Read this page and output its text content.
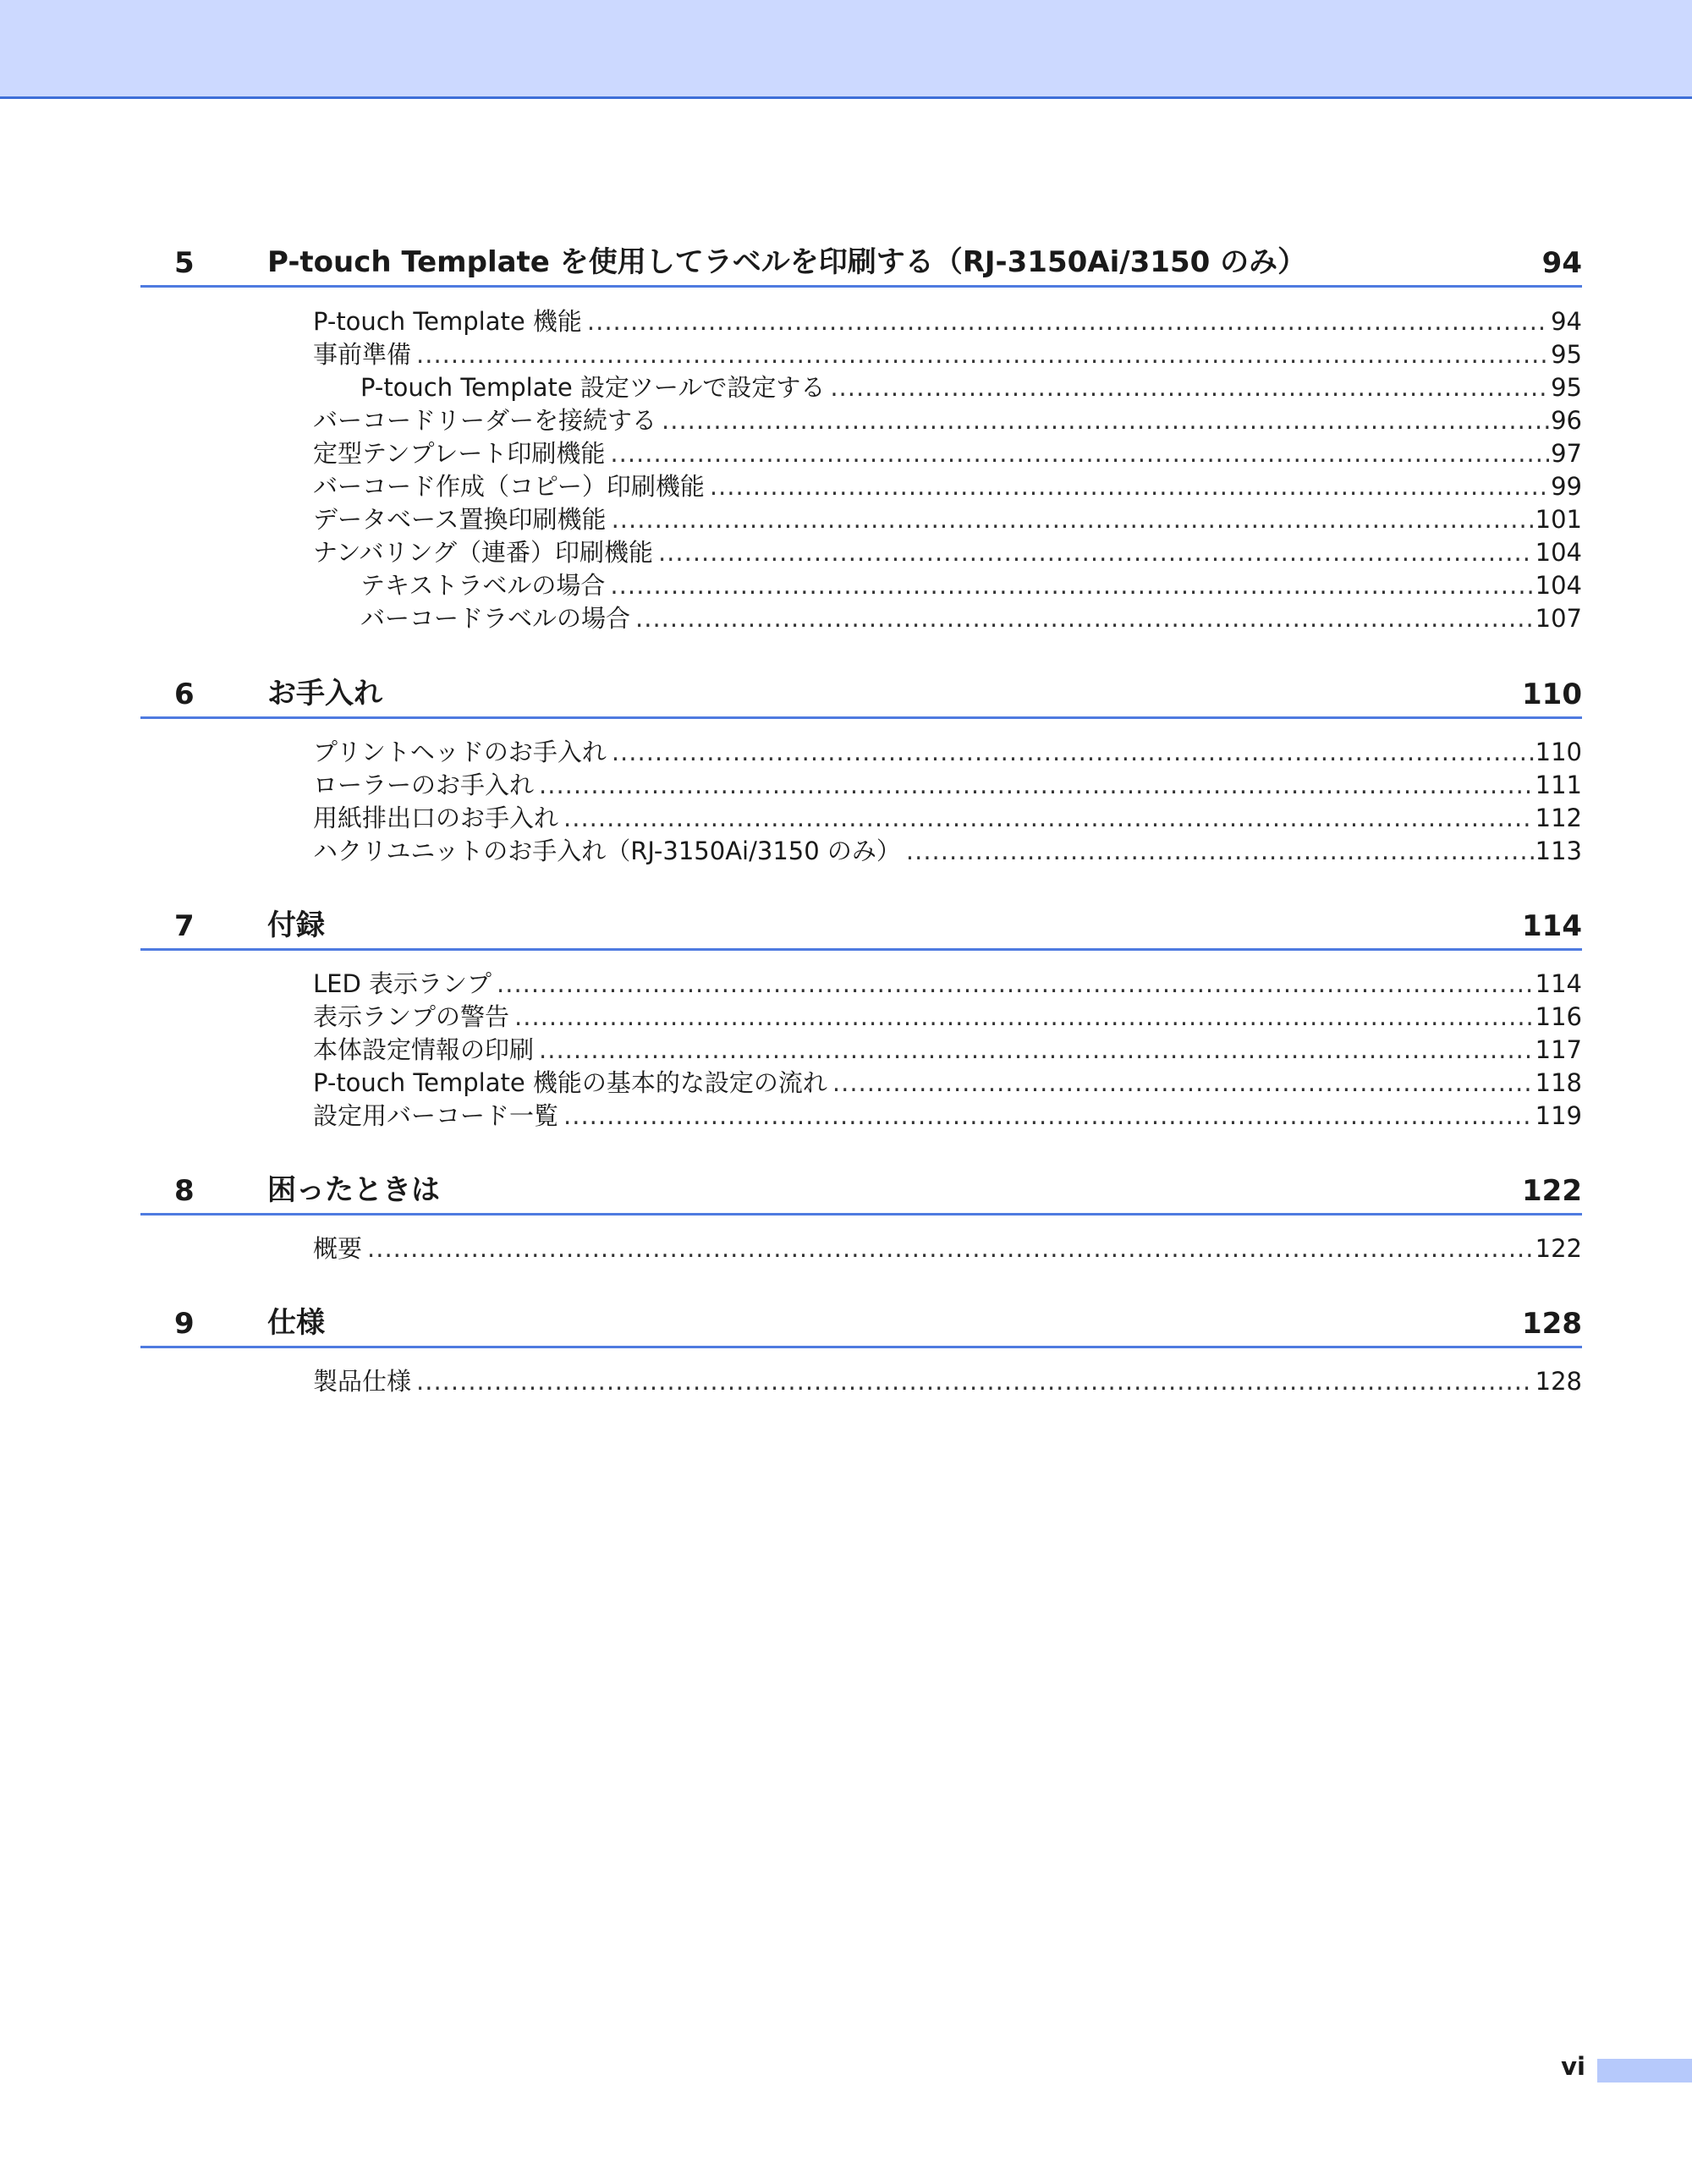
5	P-touch Template を使用してラベルを印刷する（RJ-3150Ai/3150 のみ）	94
P-touch Template 機能 .....	94
事前準備 .....	95
P-touch Template 設定ツールで設定する .....	95
バーコードリーダーを接続する .....	96
定型テンプレート印刷機能 .....	97
バーコード作成（コピー）印刷機能 .....	99
データベース置換印刷機能 .....	101
ナンバリング（連番）印刷機能 .....	104
テキストラベルの場合 .....	104
バーコードラベルの場合 .....	107
6	お手入れ	110
プリントヘッドのお手入れ .....	110
ローラーのお手入れ .....	111
用紙排出口のお手入れ .....	112
ハクリユニットのお手入れ（RJ-3150Ai/3150 のみ） .....	113
7	付録	114
LED 表示ランプ .....	114
表示ランプの警告 .....	116
本体設定情報の印刷 .....	117
P-touch Template 機能の基本的な設定の流れ .....	118
設定用バーコード一覧 .....	119
8	困ったときは	122
概要 .....	122
9	仕様	128
製品仕様 .....	128
vi
